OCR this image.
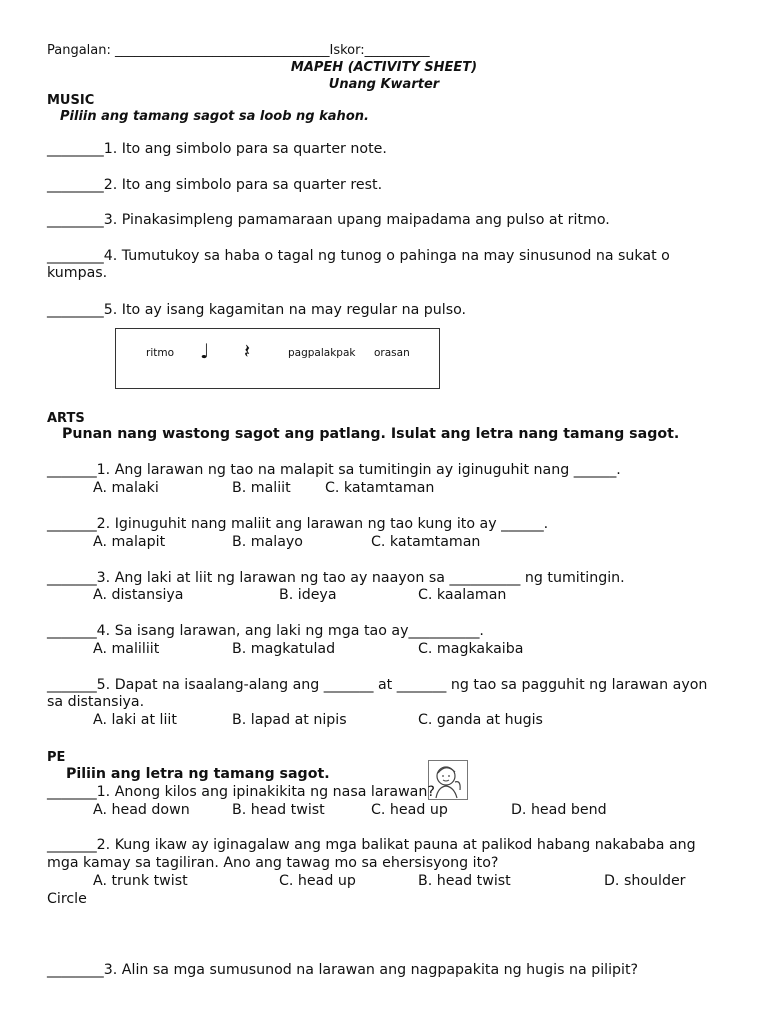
Pangalan: _________________________________Iskor:__________
MAPEH (ACTIVITY SHEET)
Unang Kwarter
MUSIC
Piliin ang tamang sagot sa loob ng kahon.
________1. Ito ang simbolo para sa quarter note.
________2. Ito ang simbolo para sa quarter rest.
________3. Pinakasimpleng pamamaraan upang maipadama ang pulso at ritmo.
________4. Tumutukoy sa haba o tagal ng tunog o pahinga na may sinusunod na sukat o
kumpas.
________5. Ito ay isang kagamitan na may regular na pulso.
ritmo ♩ 𝄽	pagpalakpak orasan
ARTS
Punan nang wastong sagot ang patlang. Isulat ang letra nang tamang sagot.
_______1. Ang larawan ng tao na malapit sa tumitingin ay iginuguhit nang ______.
A. malaki	B. maliit C. katamtaman
_______2. Iginuguhit nang maliit ang larawan ng tao kung ito ay ______.
A. malapit	B. malayo	C. katamtaman
_______3. Ang laki at liit ng larawan ng tao ay naayon sa __________ ng tumitingin.
A. distansiya	B. ideya	C. kaalaman
_______4. Sa isang larawan, ang laki ng mga tao ay__________.
A. maliliit	B. magkatulad	C. magkakaiba
_______5. Dapat na isaalang-alang ang _______ at _______ ng tao sa pagguhit ng larawan ayon
sa distansiya.
A. laki at liit	B. lapad at nipis	C. ganda at hugis
PE
Piliin ang letra ng tamang sagot.
_______1. Anong kilos ang ipinakikita ng nasa larawan?
A. head down	B. head twist	C. head up	D. head bend
_______2. Kung ikaw ay iginagalaw ang mga balikat pauna at palikod habang nakababa ang
mga kamay sa tagiliran. Ano ang tawag mo sa ehersisyong ito?
A. trunk twist	C. head up	B. head twist	D. shoulder
Circle
________3. Alin sa mga sumusunod na larawan ang nagpapakita ng hugis na pilipit?
